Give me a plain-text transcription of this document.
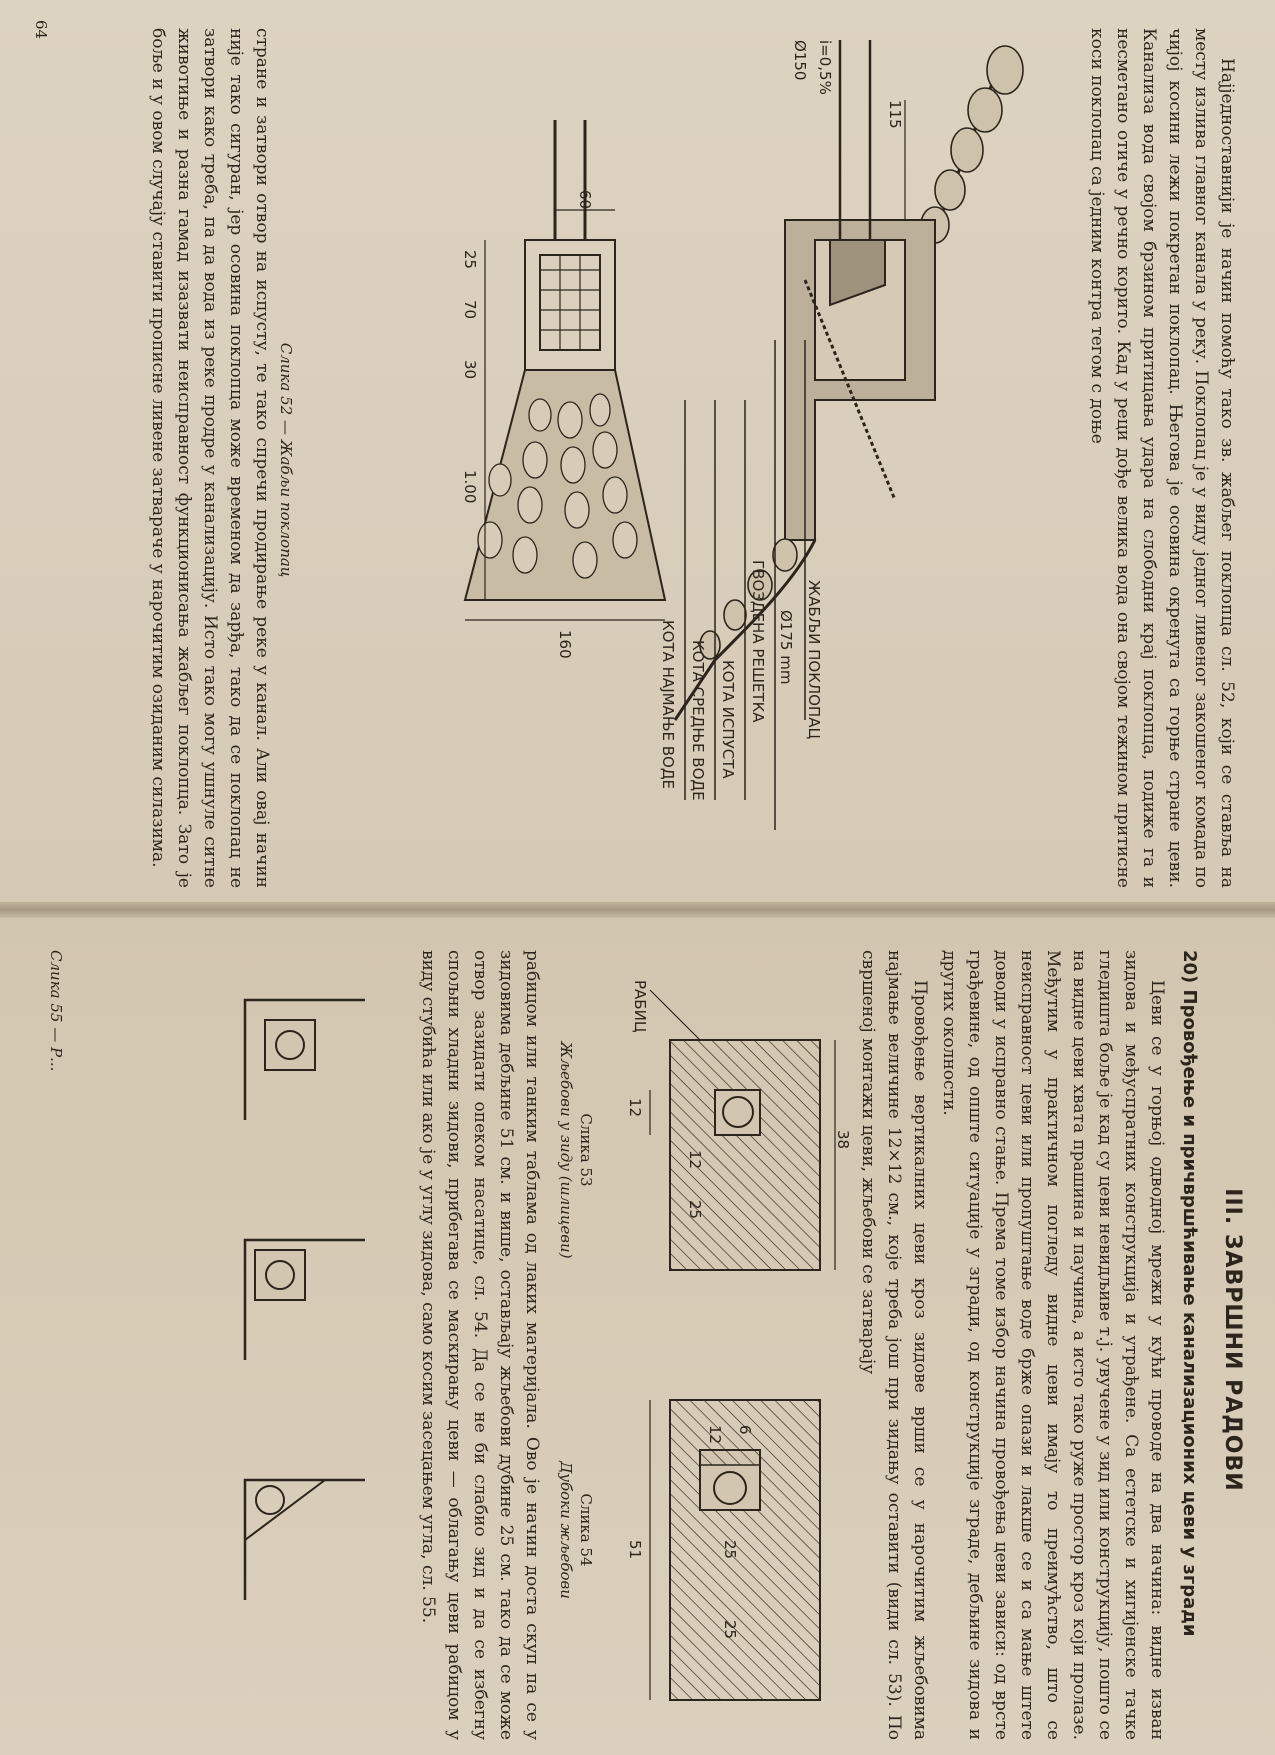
64

Најједноставнији је начин помоћу тако зв. жабљег поклопца сл. 52, који се ставља на месту излива главног канала у реку. Поклопац је у виду једног ливеног закошеног комада по чијој косини лежи покретан поклопац. Његова је осовина окренута са горње стране цеви. Канализа вода својом брзином притицања удара на слободни крај поклопца, подиже га и несметано отиче у речно корито. Кад у реци дође велика вода она својом тежином притисне коси поклопац са једним контра тегом с доње

115
i=0,5%
Ø150
ЖАБЉИ ПОКЛОПАЦ
Ø175 mm
ГВОЗДЕНА РЕШЕТКА
КОТА ИСПУСТА
КОТА СРЕДЊЕ ВОДЕ
КОТА НАЈМАЊЕ ВОДЕ
60
25
70
30
1.00
160
Слика 52 — Жабљи поклопац

стране и затвори отвор на испусту, те тако спречи продирање реке у канал. Али овај начин није тако сигуран, јер осовина поклопца може временом да зарђа, тако да се поклопац не затвори како треба, па да вода из реке продре у канализацију. Исто тако могу ушнуле ситне животиње и разна гамад изазвати неисправност функционисања жабљег поклопца. Зато је боље и у овом случају ставити прописне ливене затвараче у нарочитим озиданим силазима.

III. ЗАВРШНИ РАДОВИ
20) Провођење и причвршћивање канализационих цеви у згради

Цеви се у горњој одводној мрежи у кући проводе на два начина: видне изван зидова и међуспратних конструкција и утрађене. Са естетске и хигијенске тачке гледишта боље је кад су цеви невидљиве т.ј. увучене у зид или конструкцију, пошто се на видне цеви хвата прашина и паучина, а исто тако руже простор кроз који пролазе. Међутим у практичном погледу видне цеви имају то преимућство, што се неисправност цеви или пропуштање воде брже опази и лакше се и са мање штете доводи у исправно стање. Према томе избор начина провођења цеви зависи: од врсте грађевине, од опште ситуације у згради, од конструкције зграде, дебљине зидова и других околности.

Провођење вертикалних цеви кроз зидове врши се у нарочитим жљебовима најмање величине 12×12 см., које треба још при зидању оставити (види сл. 53). По свршеној монтажи цеви, жљебови се затварају

38
РАБИЦ
12
12
25
6
12
25
25
51
Слика 53
Жљебови у зиду (шлицеви)
Слика 54
Дубоки жљебови

рабицом или танким таблама од лаких материјала. Ово је начин доста скуп па се у зидовима дебљине 51 см. и више, остављају жљебови дубине 25 см. тако да се може отвор зазидати опеком насатице, сл. 54. Да се не би слабио зид и да се избегну спољни хладни зидови, прибегава се маскирању цеви — облагању цеви рабицом у виду стубића или ако је у углу зидова, само косим засецањем угла, сл. 55.

Слика 55 — Р...
